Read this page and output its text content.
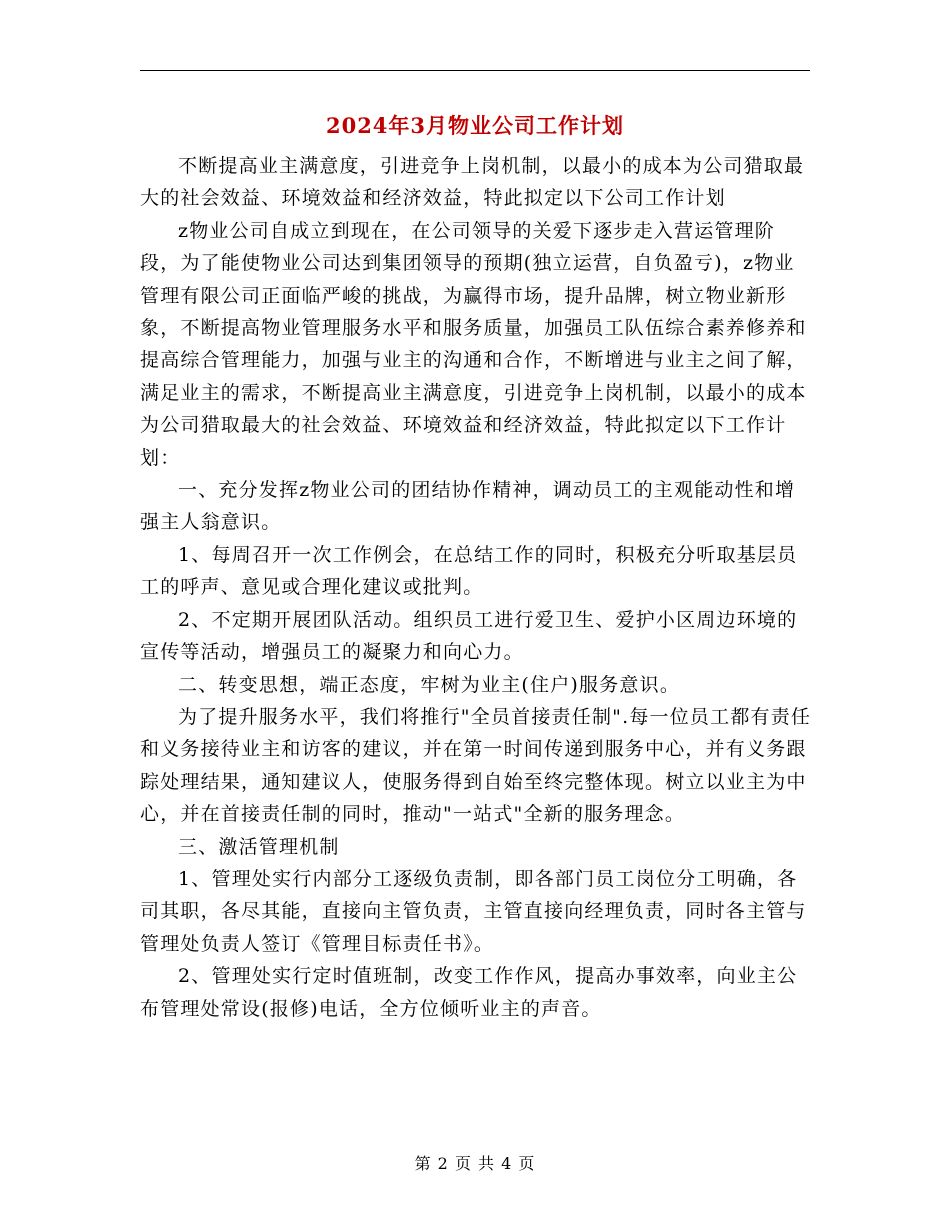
2024年3月物业公司工作计划

不断提高业主满意度，引进竞争上岗机制，以最小的成本为公司猎取最大的社会效益、环境效益和经济效益，特此拟定以下公司工作计划

z物业公司自成立到现在，在公司领导的关爱下逐步走入营运管理阶段，为了能使物业公司达到集团领导的预期(独立运营，自负盈亏)，z物业管理有限公司正面临严峻的挑战，为赢得市场，提升品牌，树立物业新形象，不断提高物业管理服务水平和服务质量，加强员工队伍综合素养修养和提高综合管理能力，加强与业主的沟通和合作，不断增进与业主之间了解，满足业主的需求，不断提高业主满意度，引进竞争上岗机制，以最小的成本为公司猎取最大的社会效益、环境效益和经济效益，特此拟定以下工作计划：

一、充分发挥z物业公司的团结协作精神，调动员工的主观能动性和增强主人翁意识。

1、每周召开一次工作例会，在总结工作的同时，积极充分听取基层员工的呼声、意见或合理化建议或批判。

2、不定期开展团队活动。组织员工进行爱卫生、爱护小区周边环境的宣传等活动，增强员工的凝聚力和向心力。

二、转变思想，端正态度，牢树为业主(住户)服务意识。

为了提升服务水平，我们将推行"全员首接责任制".每一位员工都有责任和义务接待业主和访客的建议，并在第一时间传递到服务中心，并有义务跟踪处理结果，通知建议人，使服务得到自始至终完整体现。树立以业主为中心，并在首接责任制的同时，推动"一站式"全新的服务理念。

三、激活管理机制

1、管理处实行内部分工逐级负责制，即各部门员工岗位分工明确，各司其职，各尽其能，直接向主管负责，主管直接向经理负责，同时各主管与管理处负责人签订《管理目标责任书》。

2、管理处实行定时值班制，改变工作作风，提高办事效率，向业主公布管理处常设(报修)电话，全方位倾听业主的声音。

第 2 页 共 4 页
